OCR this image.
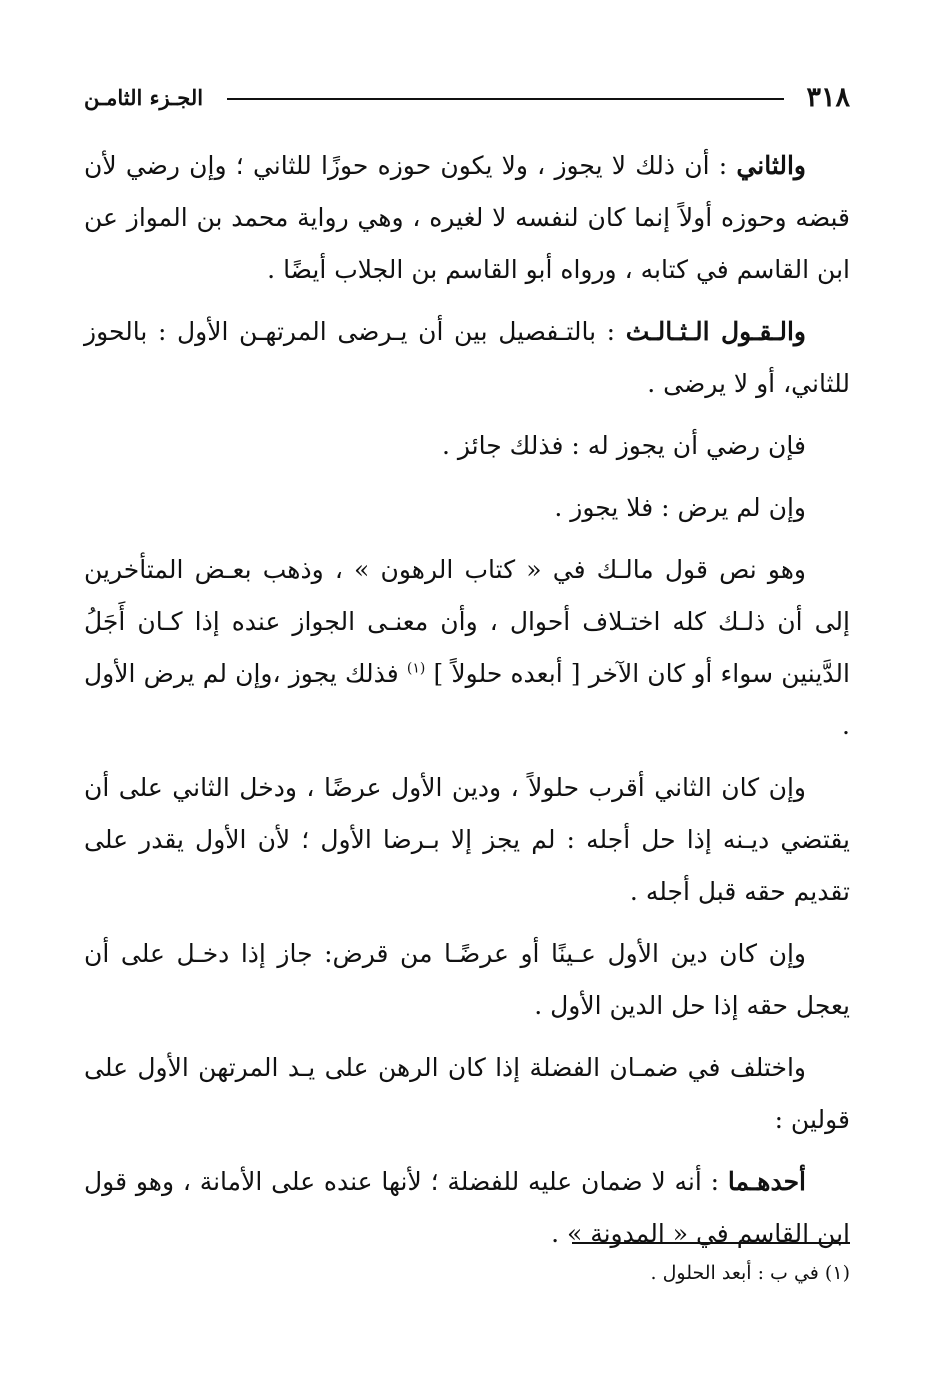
٣١٨
الجـزء الثامـن

والثاني : أن ذلك لا يجوز ، ولا يكون حوزه حوزًا للثاني ؛ وإن رضي لأن قبضه وحوزه أولاً إنما كان لنفسه لا لغيره ، وهي رواية محمد بن المواز عن ابن القاسم في كتابه ، ورواه أبو القاسم بن الجلاب أيضًا .

والـقـول الـثـالـث : بالتـفصيل بين أن يـرضى المرتهـن الأول : بالحوز للثاني، أو لا يرضى .

فإن رضي أن يجوز له : فذلك جائز .

وإن لم يرض : فلا يجوز .

وهو نص قول مالـك في « كتاب الرهون » ، وذهب بعـض المتأخرين إلى أن ذلـك كله اختـلاف أحوال ، وأن معنـى الجواز عنده إذا كـان أَجَلُ الدَّينين سواء أو كان الآخر [ أبعده حلولاً ] $^{(١)}$ فذلك يجوز ،وإن لم يرض الأول .

وإن كان الثاني أقرب حلولاً ، ودين الأول عرضًا ، ودخل الثاني على أن يقتضي ديـنه إذا حل أجله : لم يجز إلا بـرضا الأول ؛ لأن الأول يقدر على تقديم حقه قبل أجله .

وإن كان دين الأول عـينًا أو عرضًـا من قرض: جاز إذا دخـل على أن يعجل حقه إذا حل الدين الأول .

واختلف في ضمـان الفضلة إذا كان الرهن على يـد المرتهن الأول على قولين :

أحدهـما : أنه لا ضمان عليه للفضلة ؛ لأنها عنده على الأمانة ، وهو قول ابن القاسم في « المدونة » .

(١) في ب : أبعد الحلول .
